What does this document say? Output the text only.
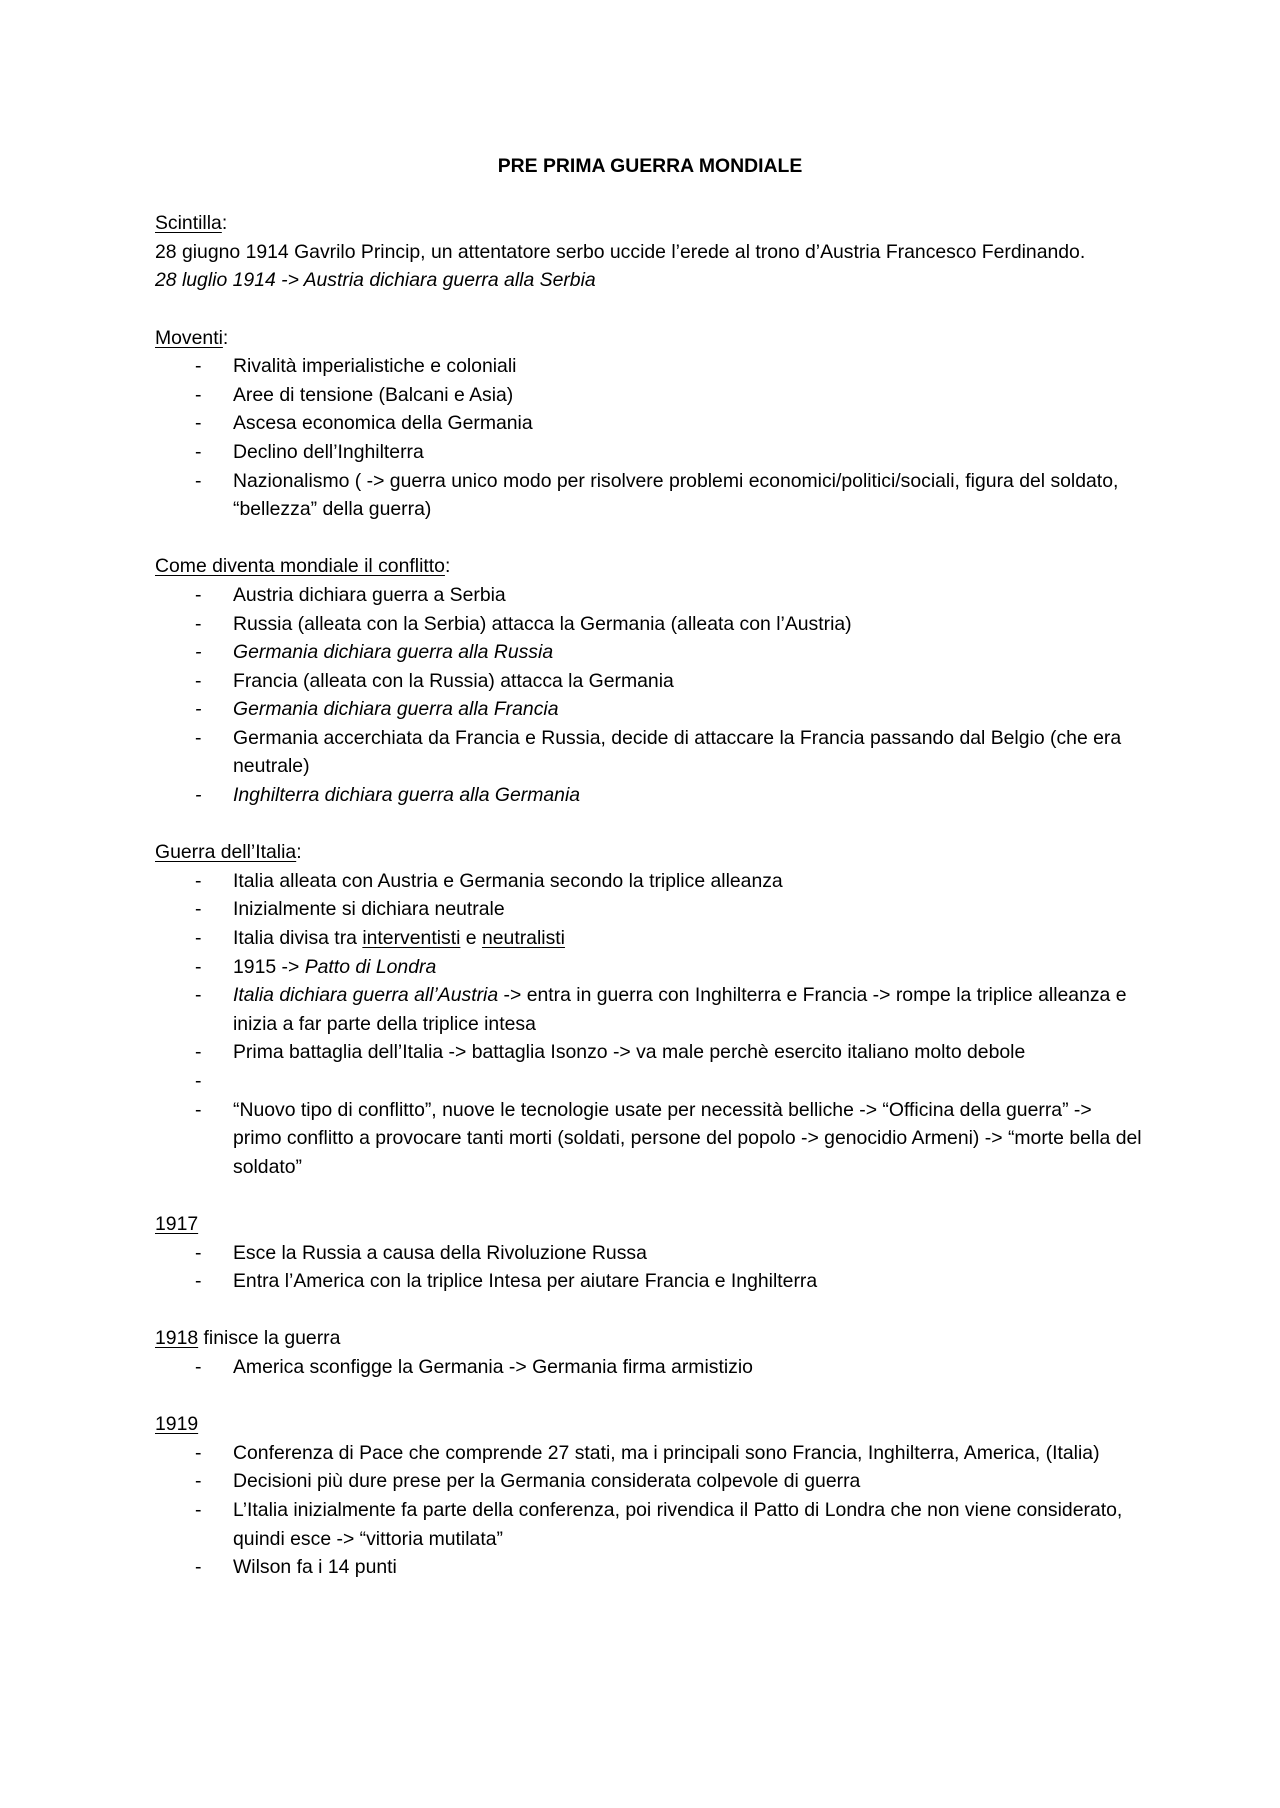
PRE PRIMA GUERRA MONDIALE
Scintilla:
28 giugno 1914 Gavrilo Princip, un attentatore serbo uccide l’erede al trono d’Austria Francesco Ferdinando.
28 luglio 1914 -> Austria dichiara guerra alla Serbia
Moventi:
- Rivalità imperialistiche e coloniali
- Aree di tensione (Balcani e Asia)
- Ascesa economica della Germania
- Declino dell’Inghilterra
- Nazionalismo ( -> guerra unico modo per risolvere problemi economici/politici/sociali, figura del soldato, “bellezza” della guerra)
Come diventa mondiale il conflitto:
- Austria dichiara guerra a Serbia
- Russia (alleata con la Serbia) attacca la Germania (alleata con l’Austria)
- Germania dichiara guerra alla Russia
- Francia (alleata con la Russia) attacca la Germania
- Germania dichiara guerra alla Francia
- Germania accerchiata da Francia e Russia, decide di attaccare la Francia passando dal Belgio (che era neutrale)
- Inghilterra dichiara guerra alla Germania
Guerra dell’Italia:
- Italia alleata con Austria e Germania secondo la triplice alleanza
- Inizialmente si dichiara neutrale
- Italia divisa tra interventisti e neutralisti
- 1915 -> Patto di Londra
- Italia dichiara guerra all’Austria -> entra in guerra con Inghilterra e Francia -> rompe la triplice alleanza e inizia a far parte della triplice intesa
- Prima battaglia dell’Italia -> battaglia Isonzo -> va male perchè esercito italiano molto debole
-
- “Nuovo tipo di conflitto”, nuove le tecnologie usate per necessità belliche -> “Officina della guerra” -> primo conflitto a provocare tanti morti (soldati, persone del popolo -> genocidio Armeni) -> “morte bella del soldato”
1917
- Esce la Russia a causa della Rivoluzione Russa
- Entra l’America con la triplice Intesa per aiutare Francia e Inghilterra
1918 finisce la guerra
- America sconfigge la Germania -> Germania firma armistizio
1919
- Conferenza di Pace che comprende 27 stati, ma i principali sono Francia, Inghilterra, America, (Italia)
- Decisioni più dure prese per la Germania considerata colpevole di guerra
- L’Italia inizialmente fa parte della conferenza, poi rivendica il Patto di Londra che non viene considerato, quindi esce -> “vittoria mutilata”
- Wilson fa i 14 punti
